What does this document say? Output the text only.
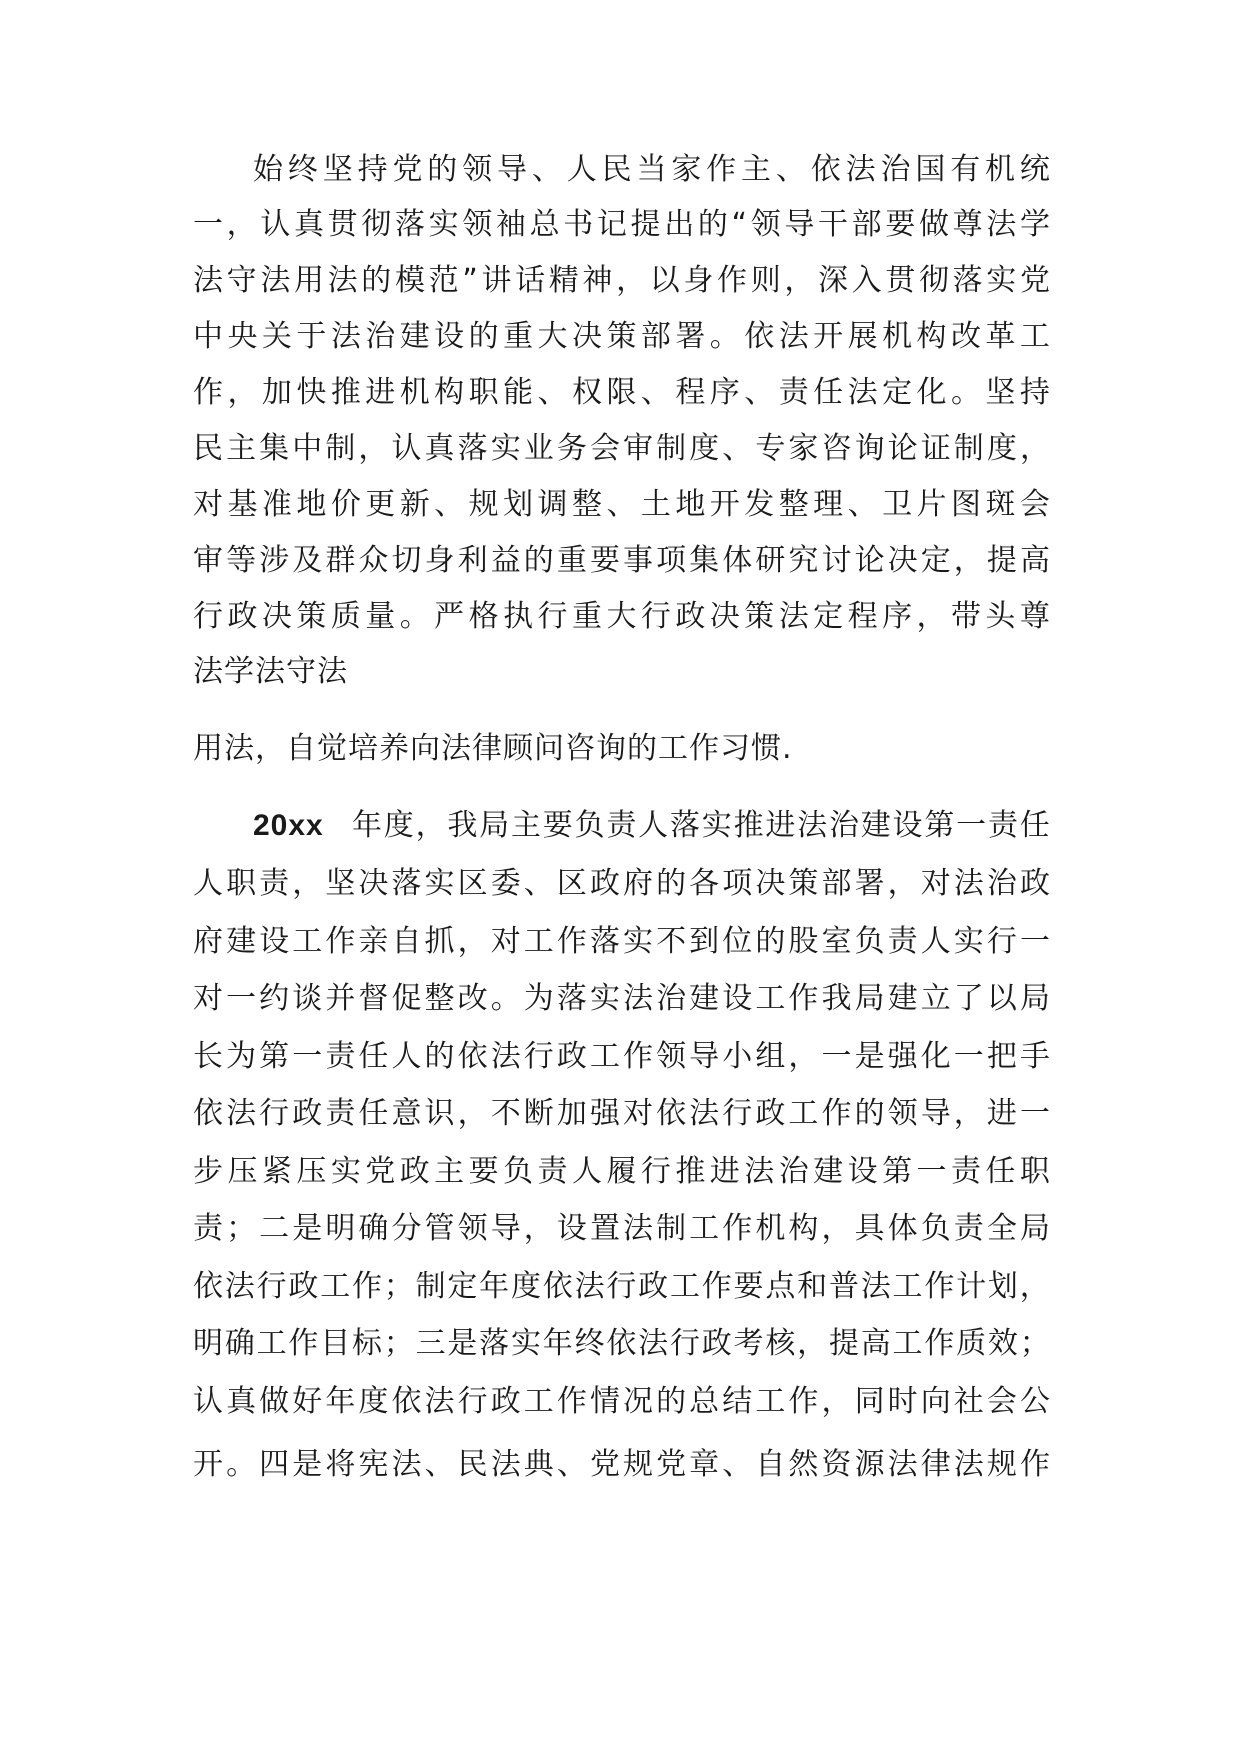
始 终 坚 持 党 的 领 导 、 人 民 当 家 作 主 、 依 法 治 国 有 机 统

一 ， 认 真 贯 彻 落 实 领 袖 总 书 记 提 出 的 “ 领 导 干 部 要 做 尊 法 学

法 守 法 用 法 的 模 范 ” 讲 话 精 神 ， 以 身 作 则 ， 深 入 贯 彻 落 实 党

中 央 关 于 法 治 建 设 的 重 大 决 策 部 署 。 依 法 开 展 机 构 改 革 工

作 ， 加 快 推 进 机 构 职 能 、 权 限 、 程 序 、 责 任 法 定 化 。 坚 持

民 主 集 中 制 ， 认 真 落 实 业 务 会 审 制 度 、 专 家 咨 询 论 证 制 度 ，

对 基 准 地 价 更 新 、 规 划 调 整 、 土 地 开 发 整 理 、 卫 片 图 斑 会

审 等 涉 及 群 众 切 身 利 益 的 重 要 事 项 集 体 研 究 讨 论 决 定 ， 提 高

行 政 决 策 质 量 。 严 格 执 行 重 大 行 政 决 策 法 定 程 序 ， 带 头 尊

法学法守法

用法，自觉培养向法律顾问咨询的工作习惯.

20xx 年 度 ， 我 局 主 要 负 责 人 落 实 推 进 法 治 建 设 第 一 责 任

人 职 责 ， 坚 决 落 实 区 委 、 区 政 府 的 各 项 决 策 部 署 ， 对 法 治 政

府 建 设 工 作 亲 自 抓 ， 对 工 作 落 实 不 到 位 的 股 室 负 责 人 实 行 一

对 一 约 谈 并 督 促 整 改 。 为 落 实 法 治 建 设 工 作 我 局 建 立 了 以 局

长 为 第 一 责 任 人 的 依 法 行 政 工 作 领 导 小 组 ， 一 是 强 化 一 把 手

依 法 行 政 责 任 意 识 ， 不 断 加 强 对 依 法 行 政 工 作 的 领 导 ， 进 一

步 压 紧 压 实 党 政 主 要 负 责 人 履 行 推 进 法 治 建 设 第 一 责 任 职

责 ； 二 是 明 确 分 管 领 导 ， 设 置 法 制 工 作 机 构 ， 具 体 负 责 全 局

依 法 行 政 工 作 ； 制 定 年 度 依 法 行 政 工 作 要 点 和 普 法 工 作 计 划 ，

明 确 工 作 目 标 ； 三 是 落 实 年 终 依 法 行 政 考 核 ， 提 高 工 作 质 效 ；

认 真 做 好 年 度 依 法 行 政 工 作 情 况 的 总 结 工 作 ， 同 时 向 社 会 公

开 。 四 是 将 宪 法 、 民 法 典 、 党 规 党 章 、 自 然 资 源 法 律 法 规 作
